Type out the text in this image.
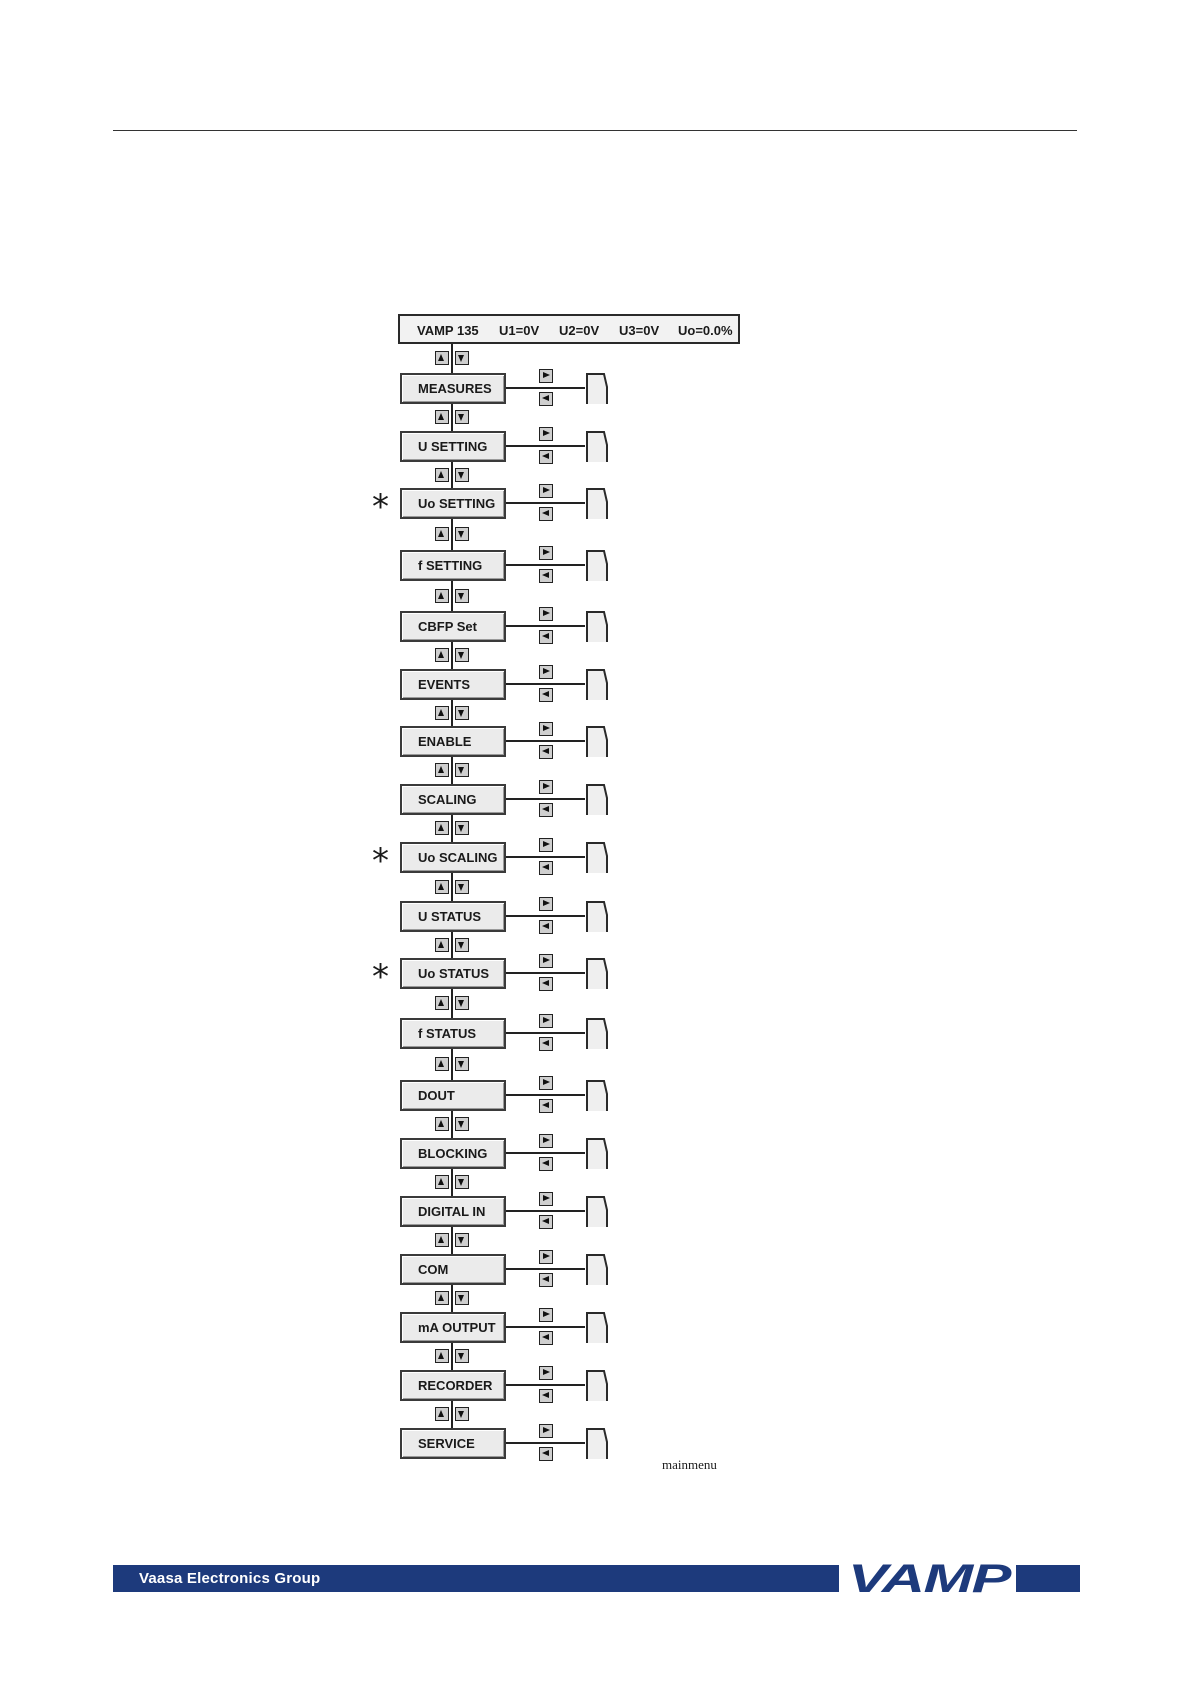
VAMP 135 U1=0V U2=0V U3=0V Uo=0.0%
MEASURES
U SETTING
Uo SETTING
*
f SETTING
CBFP Set
EVENTS
ENABLE
SCALING
Uo SCALING
*
U STATUS
Uo STATUS
*
f STATUS
DOUT
BLOCKING
DIGITAL IN
COM
mA OUTPUT
RECORDER
SERVICE
mainmenu
Vaasa Electronics Group	VAMP
